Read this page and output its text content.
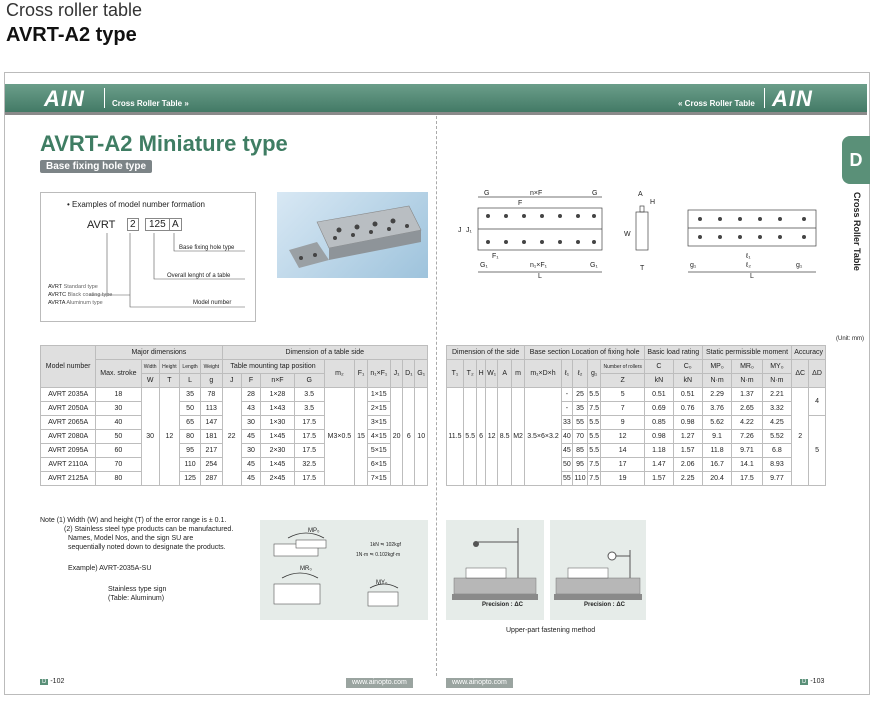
Cross roller table
AVRT-A2 type
AIN	Cross Roller Table »	« Cross Roller Table AIN
D
Cross Roller Table
AVRT-A2 Miniature type
Base fixing hole type
• Examples of model number formation
AVRT	2	125 A
Base fixing hole type
Overall lenght of a table
Model number
AVRT Standard type
AVRTC Black coating type
AVRTA Aluminum type
G	n×F	G
F
F₁
n₁×F₁
G₁	G₁
L
J J₁
A
H
W
T	g₁
ℓ₁
ℓ₂	g₁
L
(Unit: mm)
Model number	Major dimensions					Dimension of a table side									
	Max. stroke	Width	Height	Length	Weight	Table mounting tap position				m₂	F₁	n₁×F₁	J₁	D₁	G₁
		W	T	L	g	J	F	n×F	G						
AVRT 2035A	18	30	12	35	78	22	28	1×28	3.5	M3×0.5	15	1×15	20	6	10
AVRT 2050A	30			50	113		43	1×43	3.5			2×15			
AVRT 2065A	40			65	147		30	1×30	17.5			3×15			
AVRT 2080A	50			80	181		45	1×45	17.5			4×15			
AVRT 2095A	60			95	217		30	2×30	17.5			5×15			
AVRT 2110A	70			110	254		45	1×45	32.5			6×15			
AVRT 2125A	80			125	287		45	2×45	17.5			7×15			
Dimension of the side						Base section Location of fixing hole					Basic load rating		Static permissible moment			Accuracy	
T₁	T₂	H	W₁	A	m	m₁×D×h	ℓ₁	ℓ₂	g₁	Number of rollers	C	C₀	MP₀	MR₀	MY₀	ΔC	ΔD
										Z	kN	kN	N·m	N·m	N·m		
11.5	5.5	6	12	8.5	M2	3.5×6×3.2	-	25	5.5	5	0.51	0.51	2.29	1.37	2.21	2	4
							-	35	7.5	7	0.69	0.76	3.76	2.65	3.32		
							33	55	5.5	9	0.85	0.98	5.62	4.22	4.25		5
							40	70	5.5	12	0.98	1.27	9.1	7.26	5.52		
							45	85	5.5	14	1.18	1.57	11.8	9.71	6.8		
							50	95	7.5	17	1.47	2.06	16.7	14.1	8.93		
							55	110	7.5	19	1.57	2.25	20.4	17.5	9.77		
Note (1) Width (W) and height (T) of the error range is ± 0.1.
(2) Stainless steel type products can be manufactured.
Names, Model Nos, and the sign SU are
sequentially noted down to designate the products.
Example) AVRT-2035A-SU
Stainless type sign
(Table: Aluminum)
MP₀
MR₀
MY₀
1kN ≒ 102kgf
1N·m ≒ 0.102kgf·m
Precision : ΔC	Precision : ΔC
Upper-part fastening method
D -102	www.ainopto.com	www.ainopto.com	D -103
